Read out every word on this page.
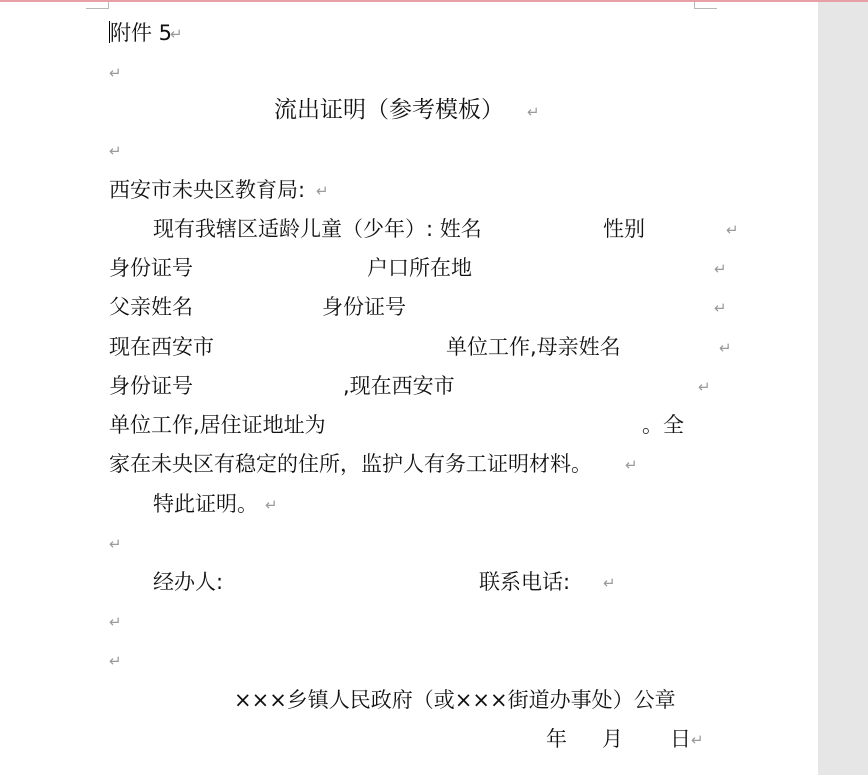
附件 5
↵
↵
流出证明（参考模板） ↵
↵
西安市未央区教育局: ↵
现有我辖区适龄儿童（少年）: 姓名	性别	↵
身份证号	户口所在地	↵
父亲姓名	身份证号	↵
现在西安市	单位工作,母亲姓名	↵
身份证号	,现在西安市	↵
单位工作,居住证地址为	。全
家在未央区有稳定的住所，监护人有务工证明材料。 ↵
特此证明。 ↵
↵
经办人:	联系电话: ↵
↵
↵
×××乡镇人民政府（或×××街道办事处）公章
年 月 日 ↵
